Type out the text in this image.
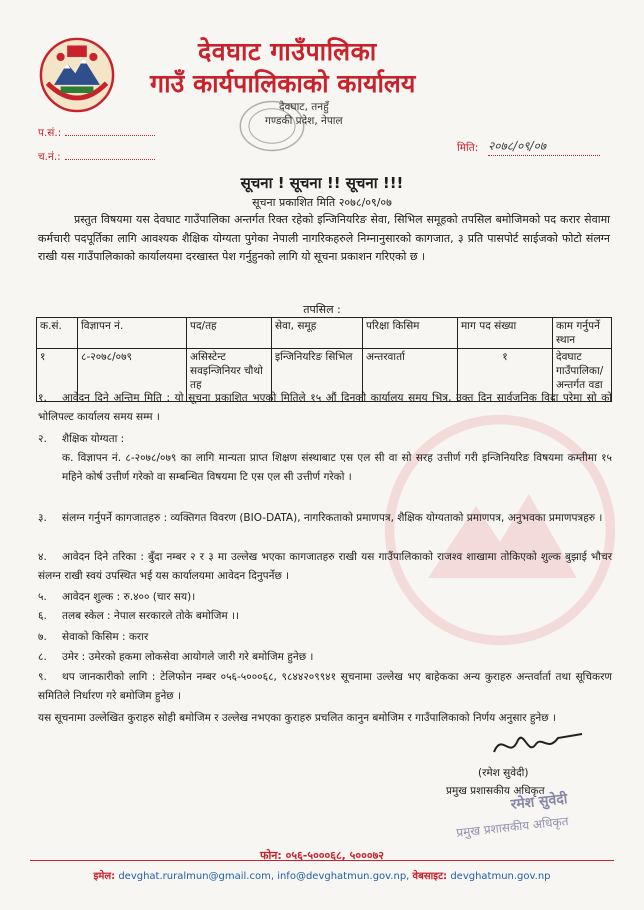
देवघाट गाउँपालिका
गाउँ कार्यपालिकाको कार्यालय
देवघाट, तनहुँ
गण्डकी प्रदेश, नेपाल
प.सं.:
च.नं.:
मिति: २०७८/०९/०७
सूचना ! सूचना !! सूचना !!!
सूचना प्रकाशित मिति २०७८/०९/०७
प्रस्तुत विषयमा यस देवघाट गाउँपालिका अन्तर्गत रिक्त रहेको इन्जिनियरिङ सेवा, सिभिल समूहको तपसिल बमोजिमको पद करार सेवामा कर्मचारी पदपूर्तिका लागि आवश्यक शैक्षिक योग्यता पुगेका नेपाली नागरिकहरुले निम्नानुसारको कागजात, ३ प्रति पासपोर्ट साईजको फोटो संलग्न राखी यस गाउँपालिकाको कार्यालयमा दरखास्त पेश गर्नुहुनको लागि यो सूचना प्रकाशन गरिएको छ ।
तपसिल :
क.सं.	विज्ञापन नं.	पद/तह	सेवा, समूह	परिक्षा किसिम	माग पद संख्या	काम गर्नुपर्ने स्थान
१	८-२०७८/०७९	असिस्टेन्ट सवइन्जिनियर चौथो तह	इन्जिनियरिङ सिभिल	अन्तरवार्ता	१	देवघाट गाउँपालिका/ अन्तर्गत वडा
१. आवेदन दिने अन्तिम मिति : यो सूचना प्रकाशित भएको मितिले १५ औं दिनको कार्यालय समय भित्र, उक्त दिन सार्वजनिक विदा परेमा सो को भोलिपल्ट कार्यालय समय सम्म ।
२. शैक्षिक योग्यता :
क. विज्ञापन नं. ८-२०७८/०७९ का लागि मान्यता प्राप्त शिक्षण संस्थाबाट एस एल सी वा सो सरह उत्तीर्ण गरी इन्जिनियरिङ विषयमा कम्तीमा १५ महिने कोर्ष उत्तीर्ण गरेको वा सम्बन्धित विषयमा टि एस एल सी उत्तीर्ण गरेको ।
३. संलग्न गर्नुपर्ने कागजातहरु : व्यक्तिगत विवरण (BIO-DATA), नागरिकताको प्रमाणपत्र, शैक्षिक योग्यताको प्रमाणपत्र, अनुभवका प्रमाणपत्रहरु ।
४. आवेदन दिने तरिका : बुँदा नम्बर २ र ३ मा उल्लेख भएका कागजातहरु राखी यस गाउँपालिकाको राजश्व शाखामा तोकिएको शुल्क बुझाई भौचर संलग्न राखी स्वयं उपस्थित भई यस कार्यालयमा आवेदन दिनुपर्नेछ ।
५. आवेदन शुल्क : रु.४०० (चार सय)।
६. तलब स्केल : नेपाल सरकारले तोके बमोजिम ।।
७. सेवाको किसिम : करार
८. उमेर : उमेरको हकमा लोकसेवा आयोगले जारी गरे बमोजिम हुनेछ ।
९. थप जानकारीको लागि : टेलिफोन नम्बर ०५६-५०००६८, ९८४४२०९९४१ सूचनामा उल्लेख भए बाहेकका अन्य कुराहरु अन्तर्वार्ता तथा सूचिकरण समितिले निर्धारण गरे बमोजिम हुनेछ ।
यस सूचनामा उल्लेखित कुराहरु सोही बमोजिम र उल्लेख नभएका कुराहरु प्रचलित कानुन बमोजिम र गाउँपालिकाको निर्णय अनुसार हुनेछ ।
(रमेश सुवेदी)
प्रमुख प्रशासकीय अधिकृत
रमेश सुवेदी
प्रमुख प्रशासकीय अधिकृत
फोन: ०५६-५०००६८, ५०००७२
इमेल: devghat.ruralmun@gmail.com, info@devghatmun.gov.np, वेबसाइट: devghatmun.gov.np
